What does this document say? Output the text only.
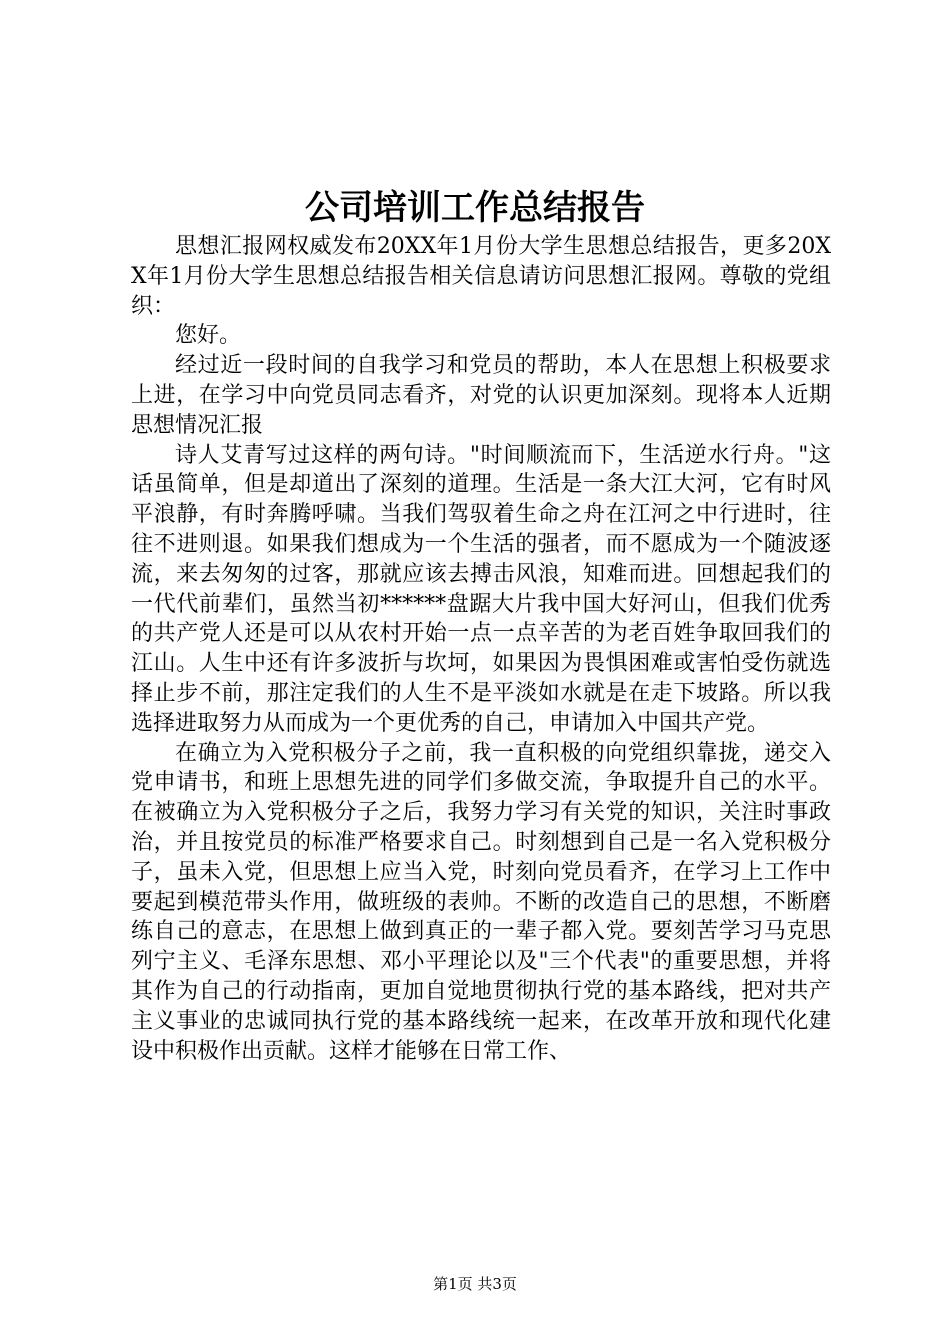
公司培训工作总结报告

思想汇报网权威发布20XX年1月份大学生思想总结报告，更多20XX年1月份大学生思想总结报告相关信息请访问思想汇报网。尊敬的党组织：

您好。

经过近一段时间的自我学习和党员的帮助，本人在思想上积极要求上进，在学习中向党员同志看齐，对党的认识更加深刻。现将本人近期思想情况汇报

诗人艾青写过这样的两句诗。"时间顺流而下，生活逆水行舟。"这话虽简单，但是却道出了深刻的道理。生活是一条大江大河，它有时风平浪静，有时奔腾呼啸。当我们驾驭着生命之舟在江河之中行进时，往往不进则退。如果我们想成为一个生活的强者，而不愿成为一个随波逐流，来去匆匆的过客，那就应该去搏击风浪，知难而进。回想起我们的一代代前辈们，虽然当初******盘踞大片我中国大好河山，但我们优秀的共产党人还是可以从农村开始一点一点辛苦的为老百姓争取回我们的江山。人生中还有许多波折与坎坷，如果因为畏惧困难或害怕受伤就选择止步不前，那注定我们的人生不是平淡如水就是在走下坡路。所以我选择进取努力从而成为一个更优秀的自己，申请加入中国共产党。

在确立为入党积极分子之前，我一直积极的向党组织靠拢，递交入党申请书，和班上思想先进的同学们多做交流，争取提升自己的水平。在被确立为入党积极分子之后，我努力学习有关党的知识，关注时事政治，并且按党员的标准严格要求自己。时刻想到自己是一名入党积极分子，虽未入党，但思想上应当入党，时刻向党员看齐，在学习上工作中要起到模范带头作用，做班级的表帅。不断的改造自己的思想，不断磨练自己的意志，在思想上做到真正的一辈子都入党。要刻苦学习马克思列宁主义、毛泽东思想、邓小平理论以及"三个代表"的重要思想，并将其作为自己的行动指南，更加自觉地贯彻执行党的基本路线，把对共产主义事业的忠诚同执行党的基本路线统一起来，在改革开放和现代化建设中积极作出贡献。这样才能够在日常工作、

第1页 共3页
